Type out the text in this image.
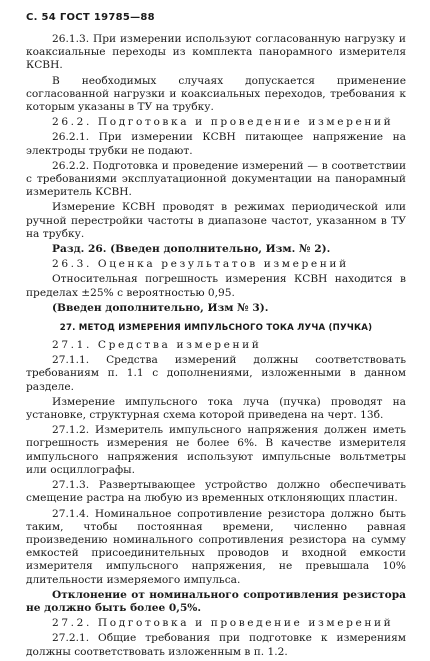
С. 54 ГОСТ 19785—88

26.1.3. При измерении используют согласованную нагрузку и коаксиальные переходы из комплекта панорамного измерителя КСВН.

В необходимых случаях допускается применение согласованной нагрузки и коаксиальных переходов, требования к которым указаны в ТУ на трубку.

26.2. Подготовка и проведение измерений

26.2.1. При измерении КСВН питающее напряжение на электроды трубки не подают.

26.2.2. Подготовка и проведение измерений — в соответствии с требованиями эксплуатационной документации на панорамный измеритель КСВН.

Измерение КСВН проводят в режимах периодической или ручной перестройки частоты в диапазоне частот, указанном в ТУ на трубку.

Разд. 26. (Введен дополнительно, Изм. № 2).

26.3. Оценка результатов измерений

Относительная погрешность измерения КСВН находится в пределах ±25% с вероятностью 0,95.

(Введен дополнительно, Изм № 3).

27. МЕТОД ИЗМЕРЕНИЯ ИМПУЛЬСНОГО ТОКА ЛУЧА (ПУЧКА)

27.1. Средства измерений

27.1.1. Средства измерений должны соответствовать требованиям п. 1.1 с дополнениями, изложенными в данном разделе.

Измерение импульсного тока луча (пучка) проводят на установке, структурная схема которой приведена на черт. 13б.

27.1.2. Измеритель импульсного напряжения должен иметь погрешность измерения не более 6%. В качестве измерителя импульсного напряжения используют импульсные вольтметры или осциллографы.

27.1.3. Развертывающее устройство должно обеспечивать смещение растра на любую из временных отклоняющих пластин.

27.1.4. Номинальное сопротивление резистора должно быть таким, чтобы постоянная времени, численно равная произведению номинального сопротивления резистора на сумму емкостей присоединительных проводов и входной емкости измерителя импульсного напряжения, не превышала 10% длительности измеряемого импульса.

Отклонение от номинального сопротивления резистора не должно быть более 0,5%.

27.2. Подготовка и проведение измерений

27.2.1. Общие требования при подготовке к измерениям должны соответствовать изложенным в п. 1.2.
